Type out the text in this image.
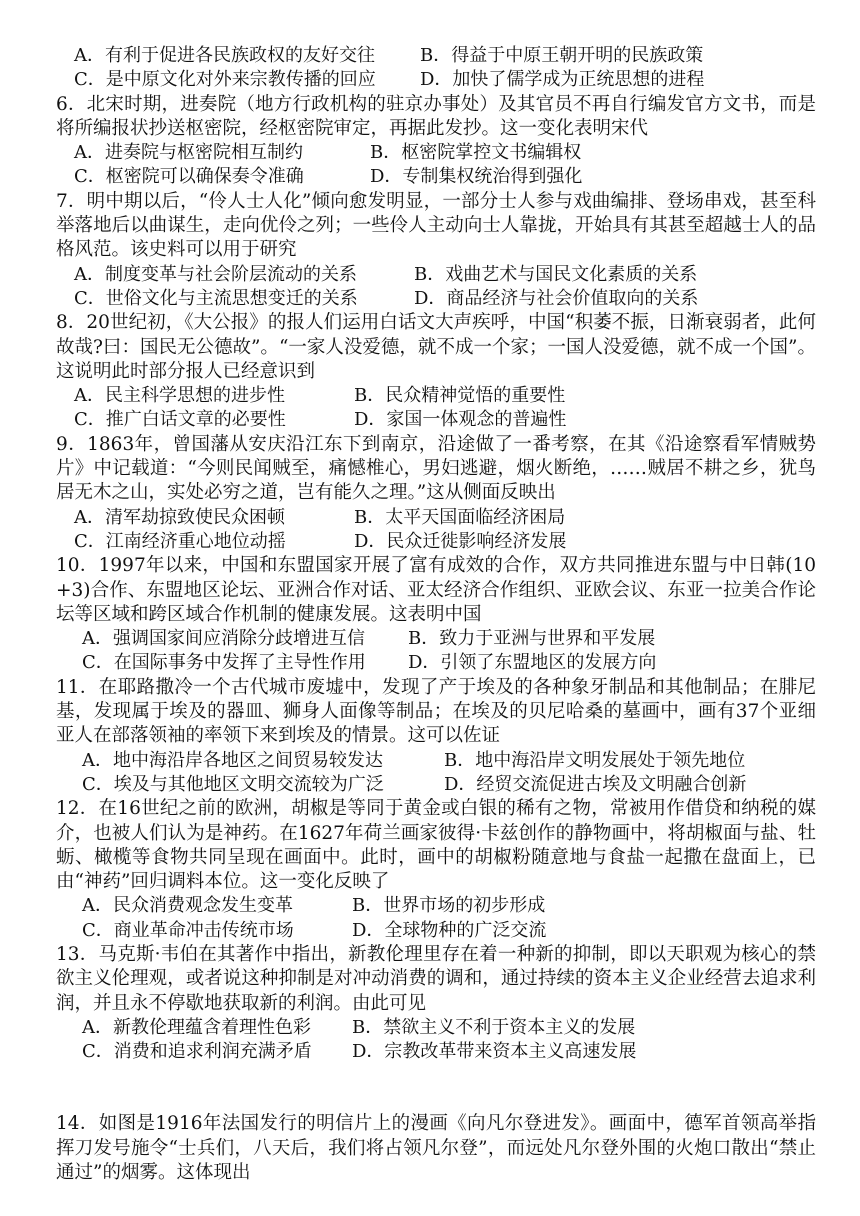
A．有利于促进各民族政权的友好交往	B．得益于中原王朝开明的民族政策
C．是中原文化对外来宗教传播的回应	D．加快了儒学成为正统思想的进程

6．北宋时期，进奏院（地方行政机构的驻京办事处）及其官员不再自行编发官方文书，而是将所编报状抄送枢密院，经枢密院审定，再据此发抄。这一变化表明宋代

A．进奏院与枢密院相互制约	B．枢密院掌控文书编辑权
C．枢密院可以确保奏令准确	D．专制集权统治得到强化

7．明中期以后，“伶人士人化”倾向愈发明显，一部分士人参与戏曲编排、登场串戏，甚至科举落地后以曲谋生，走向优伶之列；一些伶人主动向士人靠拢，开始具有其甚至超越士人的品格风范。该史料可以用于研究

A．制度变革与社会阶层流动的关系	B．戏曲艺术与国民文化素质的关系
C．世俗文化与主流思想变迁的关系	D．商品经济与社会价值取向的关系

8．20世纪初，《大公报》的报人们运用白话文大声疾呼，中国“积萎不振，日渐衰弱者，此何故哉?曰：国民无公德故”。“一家人没爱德，就不成一个家；一国人没爱德，就不成一个国”。这说明此时部分报人已经意识到

A．民主科学思想的进步性	B．民众精神觉悟的重要性
C．推广白话文章的必要性	D．家国一体观念的普遍性

9．1863年，曾国藩从安庆沿江东下到南京，沿途做了一番考察，在其《沿途察看军情贼势片》中记载道：“今则民闻贼至，痛憾椎心，男妇逃避，烟火断绝，……贼居不耕之乡，犹鸟居无木之山，实处必穷之道，岂有能久之理。”这从侧面反映出

A．清军劫掠致使民众困顿	B．太平天国面临经济困局
C．江南经济重心地位动摇	D．民众迁徙影响经济发展

10．1997年以来，中国和东盟国家开展了富有成效的合作，双方共同推进东盟与中日韩(10+3)合作、东盟地区论坛、亚洲合作对话、亚太经济合作组织、亚欧会议、东亚一拉美合作论坛等区域和跨区域合作机制的健康发展。这表明中国

A．强调国家间应消除分歧增进互信	B．致力于亚洲与世界和平发展
C．在国际事务中发挥了主导性作用	D．引领了东盟地区的发展方向

11．在耶路撒冷一个古代城市废墟中，发现了产于埃及的各种象牙制品和其他制品；在腓尼基，发现属于埃及的器皿、狮身人面像等制品；在埃及的贝尼哈桑的墓画中，画有37个亚细亚人在部落领袖的率领下来到埃及的情景。这可以佐证

A．地中海沿岸各地区之间贸易较发达	B．地中海沿岸文明发展处于领先地位
C．埃及与其他地区文明交流较为广泛	D．经贸交流促进古埃及文明融合创新

12．在16世纪之前的欧洲，胡椒是等同于黄金或白银的稀有之物，常被用作借贷和纳税的媒介，也被人们认为是神药。在1627年荷兰画家彼得·卡兹创作的静物画中，将胡椒面与盐、牡蛎、橄榄等食物共同呈现在画面中。此时，画中的胡椒粉随意地与食盐一起撒在盘面上，已由“神药”回归调料本位。这一变化反映了

A．民众消费观念发生变革	B．世界市场的初步形成
C．商业革命冲击传统市场	D．全球物种的广泛交流

13．马克斯·韦伯在其著作中指出，新教伦理里存在着一种新的抑制，即以天职观为核心的禁欲主义伦理观，或者说这种抑制是对冲动消费的调和，通过持续的资本主义企业经营去追求利润，并且永不停歇地获取新的利润。由此可见

A．新教伦理蕴含着理性色彩	B．禁欲主义不利于资本主义的发展
C．消费和追求利润充满矛盾	D．宗教改革带来资本主义高速发展

14．如图是1916年法国发行的明信片上的漫画《向凡尔登进发》。画面中，德军首领高举指挥刀发号施令“士兵们，八天后，我们将占领凡尔登”，而远处凡尔登外围的火炮口散出“禁止通过”的烟雾。这体现出
